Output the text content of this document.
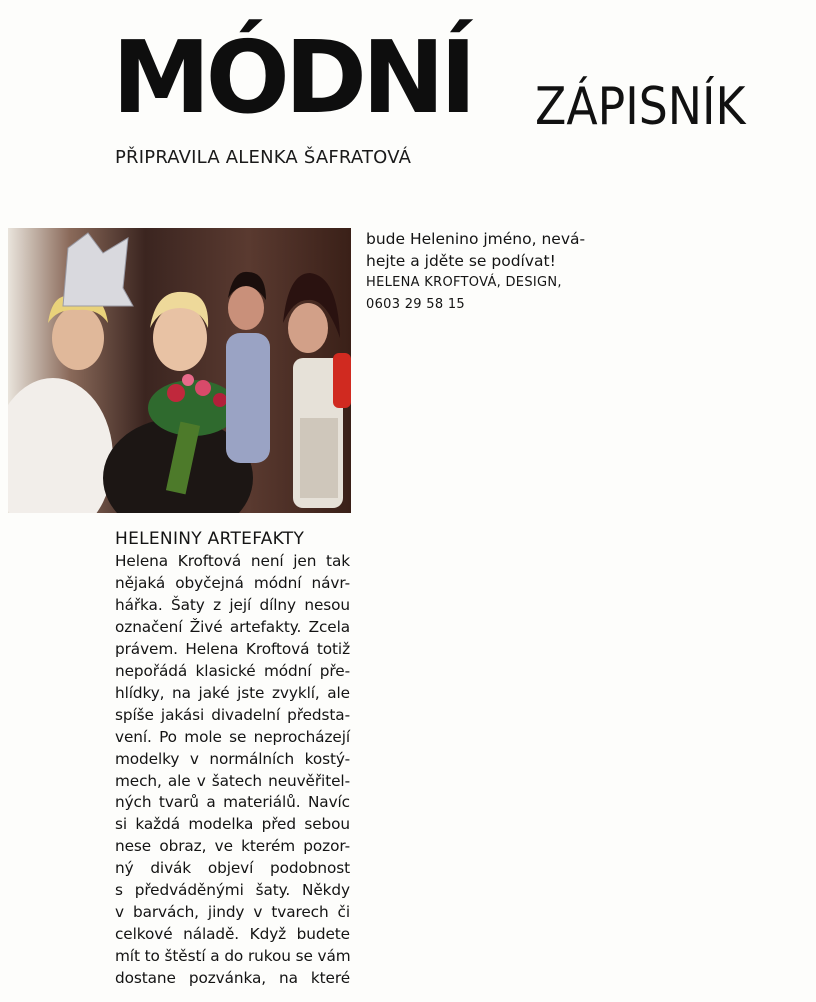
MÓDNÍ ZÁPISNÍK
PŘIPRAVILA ALENKA ŠAFRATOVÁ
bude Helenino jméno, nevá-
hejte a jděte se podívat!
HELENA KROFTOVÁ, DESIGN,
0603 29 58 15
HELENINY ARTEFAKTY
Helena Kroftová není jen tak
nějaká obyčejná módní návr-
hářka. Šaty z její dílny nesou
označení Živé artefakty. Zcela
právem. Helena Kroftová totiž
nepořádá klasické módní pře-
hlídky, na jaké jste zvyklí, ale
spíše jakási divadelní předsta-
vení. Po mole se neprocházejí
modelky v normálních kostý-
mech, ale v šatech neuvěřitel-
ných tvarů a materiálů. Navíc
si každá modelka před sebou
nese obraz, ve kterém pozor-
ný divák objeví podobnost
s předváděnými šaty. Někdy
v barvách, jindy v tvarech či
celkové náladě. Když budete
mít to štěstí a do rukou se vám
dostane pozvánka, na které
